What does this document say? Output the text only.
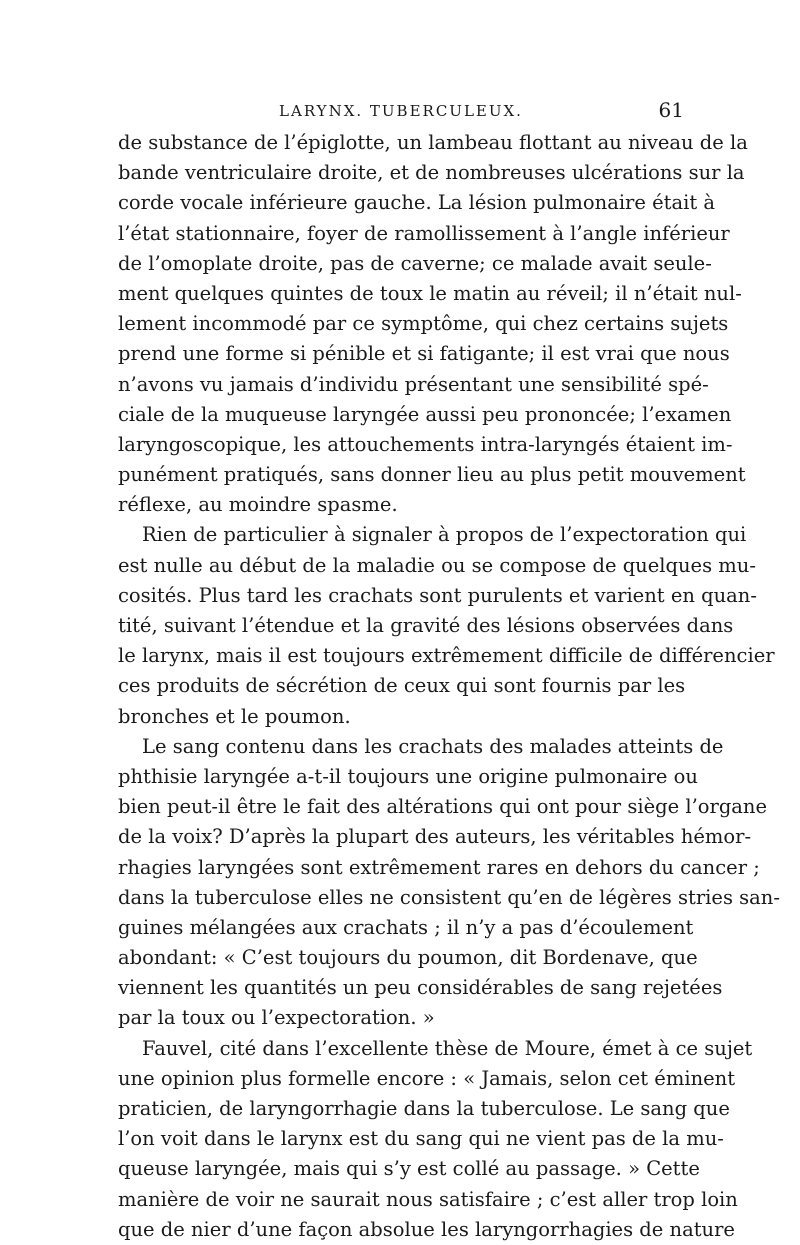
LARYNX. TUBERCULEUX.	61
de substance de l’épiglotte, un lambeau flottant au niveau de la
bande ventriculaire droite, et de nombreuses ulcérations sur la
corde vocale inférieure gauche. La lésion pulmonaire était à
l’état stationnaire, foyer de ramollissement à l’angle inférieur
de l’omoplate droite, pas de caverne; ce malade avait seule-
ment quelques quintes de toux le matin au réveil; il n’était nul-
lement incommodé par ce symptôme, qui chez certains sujets
prend une forme si pénible et si fatigante; il est vrai que nous
n’avons vu jamais d’individu présentant une sensibilité spé-
ciale de la muqueuse laryngée aussi peu prononcée; l’examen
laryngoscopique, les attouchements intra-laryngés étaient im-
punément pratiqués, sans donner lieu au plus petit mouvement
réflexe, au moindre spasme.
Rien de particulier à signaler à propos de l’expectoration qui
est nulle au début de la maladie ou se compose de quelques mu-
cosités. Plus tard les crachats sont purulents et varient en quan-
tité, suivant l’étendue et la gravité des lésions observées dans
le larynx, mais il est toujours extrêmement difficile de différencier
ces produits de sécrétion de ceux qui sont fournis par les
bronches et le poumon.
Le sang contenu dans les crachats des malades atteints de
phthisie laryngée a-t-il toujours une origine pulmonaire ou
bien peut-il être le fait des altérations qui ont pour siège l’organe
de la voix? D’après la plupart des auteurs, les véritables hémor-
rhagies laryngées sont extrêmement rares en dehors du cancer ;
dans la tuberculose elles ne consistent qu’en de légères stries san-
guines mélangées aux crachats ; il n’y a pas d’écoulement
abondant: « C’est toujours du poumon, dit Bordenave, que
viennent les quantités un peu considérables de sang rejetées
par la toux ou l’expectoration. »
Fauvel, cité dans l’excellente thèse de Moure, émet à ce sujet
une opinion plus formelle encore : « Jamais, selon cet éminent
praticien, de laryngorrhagie dans la tuberculose. Le sang que
l’on voit dans le larynx est du sang qui ne vient pas de la mu-
queuse laryngée, mais qui s’y est collé au passage. » Cette
manière de voir ne saurait nous satisfaire ; c’est aller trop loin
que de nier d’une façon absolue les laryngorrhagies de nature
